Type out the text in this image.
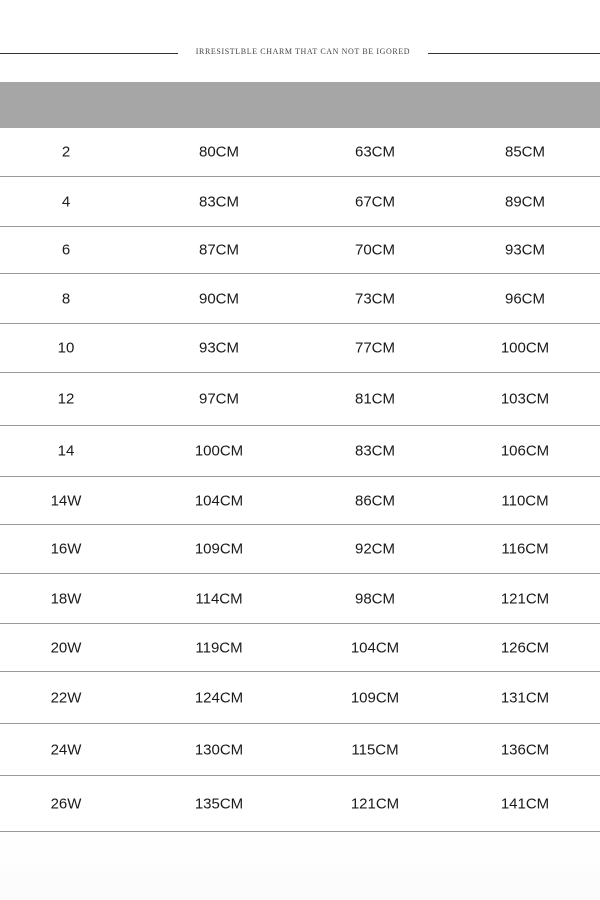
IRRESISTLBLE CHARM THAT CAN NOT BE IGORED
2	80CM	63CM	85CM
4	83CM	67CM	89CM
6	87CM	70CM	93CM
8	90CM	73CM	96CM
10	93CM	77CM	100CM
12	97CM	81CM	103CM
14	100CM	83CM	106CM
14W	104CM	86CM	110CM
16W	109CM	92CM	116CM
18W	114CM	98CM	121CM
20W	119CM	104CM	126CM
22W	124CM	109CM	131CM
24W	130CM	115CM	136CM
26W	135CM	121CM	141CM
